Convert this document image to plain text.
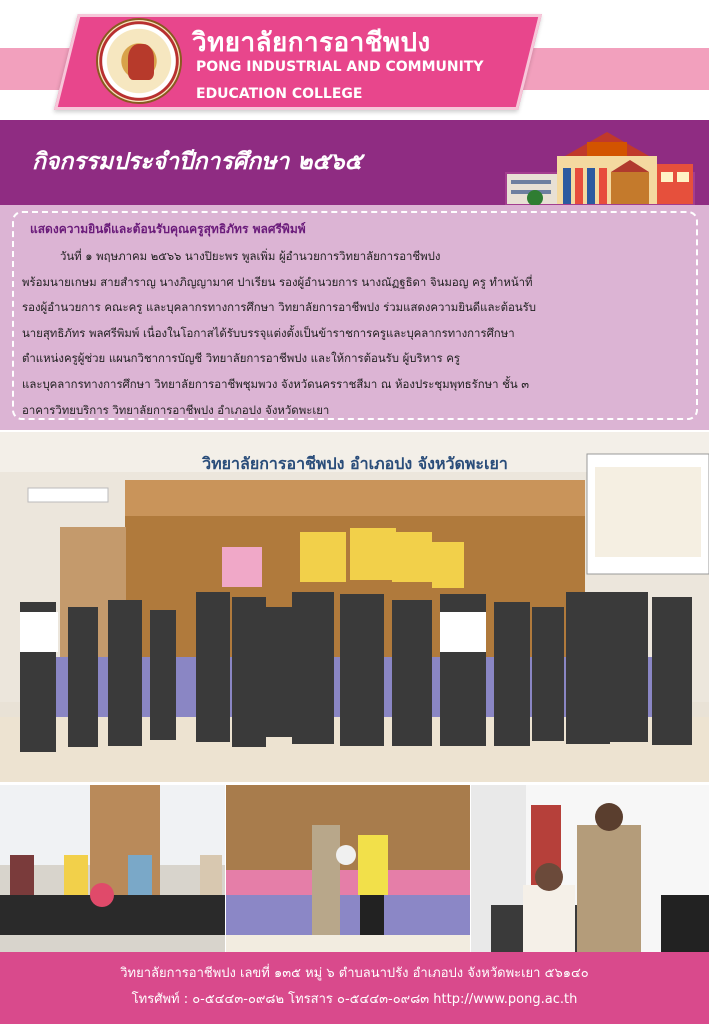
วิทยาลัยการอาชีพปง
PONG INDUSTRIAL AND COMMUNITY
EDUCATION COLLEGE
กิจกรรมประจำปีการศึกษา ๒๕๖๕
แสดงความยินดีและต้อนรับคุณครูสุทธิภัทร พลศรีพิมพ์
วันที่ ๑ พฤษภาคม ๒๕๖๖ นางปิยะพร พูลเพิ่ม ผู้อำนวยการวิทยาลัยการอาชีพปง
พร้อมนายเกษม สายสำราญ นางภิญญามาศ ปาเรียน รองผู้อำนวยการ นางณัฏฐธิดา จินมอญ ครู ทำหน้าที่
รองผู้อำนวยการ คณะครู และบุคลากรทางการศึกษา วิทยาลัยการอาชีพปง ร่วมแสดงความยินดีและต้อนรับ
นายสุทธิภัทร พลศรีพิมพ์ เนื่องในโอกาสได้รับบรรจุแต่งตั้งเป็นข้าราชการครูและบุคลากรทางการศึกษา
ตำแหน่งครูผู้ช่วย แผนกวิชาการบัญชี วิทยาลัยการอาชีพปง และให้การต้อนรับ ผู้บริหาร ครู
และบุคลากรทางการศึกษา วิทยาลัยการอาชีพชุมพวง จังหวัดนครราชสีมา ณ ห้องประชุมพุทธรักษา ชั้น ๓
อาคารวิทยบริการ วิทยาลัยการอาชีพปง อำเภอปง จังหวัดพะเยา
วิทยาลัยการอาชีพปง อำเภอปง จังหวัดพะเยา
วิทยาลัยการอาชีพปง เลขที่ ๑๓๕ หมู่ ๖ ตำบลนาปรัง อำเภอปง จังหวัดพะเยา ๕๖๑๔๐
โทรศัพท์ : ๐-๕๔๔๓-๐๙๘๒ โทรสาร ๐-๕๔๔๓-๐๙๘๓ http://www.pong.ac.th
